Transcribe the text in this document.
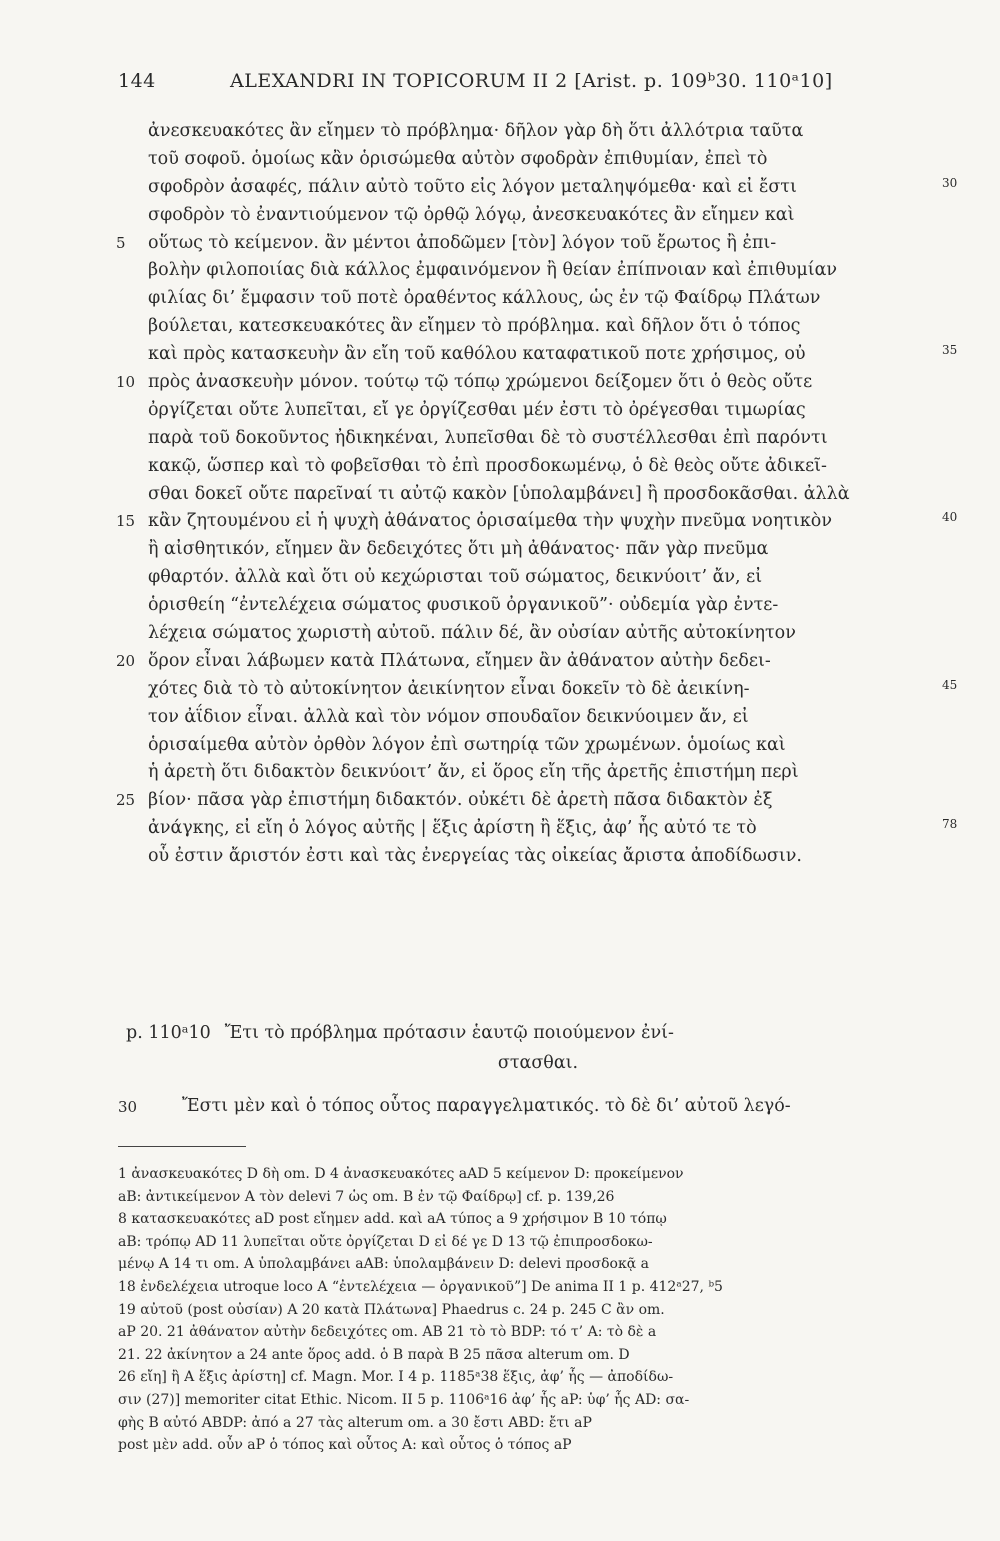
144	ALEXANDRI IN TOPICORUM II 2 [Arist. p. 109ᵇ30. 110ᵃ10]
ἀνεσκευακότες ἂν εἴημεν τὸ πρόβλημα· δῆλον γὰρ δὴ ὅτι ἀλλότρια ταῦτα
τοῦ σοφοῦ. ὁμοίως κἂν ὁρισώμεθα αὐτὸν σφοδρὰν ἐπιθυμίαν, ἐπεὶ τὸ
σφοδρὸν ἀσαφές, πάλιν αὐτὸ τοῦτο εἰς λόγον μεταληψόμεθα· καὶ εἰ ἔστι	30
σφοδρὸν τὸ ἐναντιούμενον τῷ ὀρθῷ λόγῳ, ἀνεσκευακότες ἂν εἴημεν καὶ
5 οὕτως τὸ κείμενον. ἂν μέντοι ἀποδῶμεν [τὸν] λόγον τοῦ ἔρωτος ἢ ἐπι-
βολὴν φιλοποιίας διὰ κάλλος ἐμφαινόμενον ἢ θείαν ἐπίπνοιαν καὶ ἐπιθυμίαν
φιλίας δι’ ἔμφασιν τοῦ ποτὲ ὀραθέντος κάλλους, ὡς ἐν τῷ Φαίδρῳ Πλάτων
βούλεται, κατεσκευακότες ἂν εἴημεν τὸ πρόβλημα. καὶ δῆλον ὅτι ὁ τόπος
καὶ πρὸς κατασκευὴν ἂν εἴη τοῦ καθόλου καταφατικοῦ ποτε χρήσιμος, οὐ	35
10 πρὸς ἀνασκευὴν μόνον. τούτῳ τῷ τόπῳ χρώμενοι δείξομεν ὅτι ὁ θεὸς οὔτε
ὀργίζεται οὔτε λυπεῖται, εἴ γε ὀργίζεσθαι μέν ἐστι τὸ ὀρέγεσθαι τιμωρίας
παρὰ τοῦ δοκοῦντος ἠδικηκέναι, λυπεῖσθαι δὲ τὸ συστέλλεσθαι ἐπὶ παρόντι
κακῷ, ὥσπερ καὶ τὸ φοβεῖσθαι τὸ ἐπὶ προσδοκωμένῳ, ὁ δὲ θεὸς οὔτε ἀδικεῖ-
σθαι δοκεῖ οὔτε παρεῖναί τι αὐτῷ κακὸν [ὑπολαμβάνει] ἢ προσδοκᾶσθαι. ἀλλὰ
15 κἂν ζητουμένου εἰ ἡ ψυχὴ ἀθάνατος ὁρισαίμεθα τὴν ψυχὴν πνεῦμα νοητικὸν	40
ἢ αἰσθητικόν, εἴημεν ἂν δεδειχότες ὅτι μὴ ἀθάνατος· πᾶν γὰρ πνεῦμα
φθαρτόν. ἀλλὰ καὶ ὅτι οὐ κεχώρισται τοῦ σώματος, δεικνύοιτ’ ἄν, εἰ
ὁρισθείη “ἐντελέχεια σώματος φυσικοῦ ὀργανικοῦ”· οὐδεμία γὰρ ἐντε-
λέχεια σώματος χωριστὴ αὐτοῦ. πάλιν δέ, ἂν οὐσίαν αὐτῆς αὐτοκίνητον
20 ὅρον εἶναι λάβωμεν κατὰ Πλάτωνα, εἴημεν ἂν ἀθάνατον αὐτὴν δεδει-
χότες διὰ τὸ τὸ αὐτοκίνητον ἀεικίνητον εἶναι δοκεῖν τὸ δὲ ἀεικίνη-	45
τον ἀΐδιον εἶναι. ἀλλὰ καὶ τὸν νόμον σπουδαῖον δεικνύοιμεν ἄν, εἰ
ὁρισαίμεθα αὐτὸν ὀρθὸν λόγον ἐπὶ σωτηρίᾳ τῶν χρωμένων. ὁμοίως καὶ
ἡ ἀρετὴ ὅτι διδακτὸν δεικνύοιτ’ ἄν, εἰ ὅρος εἴη τῆς ἀρετῆς ἐπιστήμη περὶ
25 βίον· πᾶσα γὰρ ἐπιστήμη διδακτόν. οὐκέτι δὲ ἀρετὴ πᾶσα διδακτὸν ἐξ
ἀνάγκης, εἰ εἴη ὁ λόγος αὐτῆς | ἕξις ἀρίστη ἢ ἕξις, ἀφ’ ἧς αὐτό τε τὸ	78
οὗ ἐστιν ἄριστόν ἐστι καὶ τὰς ἐνεργείας τὰς οἰκείας ἄριστα ἀποδίδωσιν.
p. 110ᵃ10 Ἔτι τὸ πρόβλημα πρότασιν ἑαυτῷ ποιούμενον ἐνί-
στασθαι.
30	Ἔστι μὲν καὶ ὁ τόπος οὗτος παραγγελματικός. τὸ δὲ δι’ αὐτοῦ λεγό-
1 ἀνασκευακότες D δὴ om. D 4 ἀνασκευακότες aAD 5 κείμενον D: προκείμενον
aB: ἀντικείμενον A τὸν delevi 7 ὡς om. B ἐν τῷ Φαίδρῳ] cf. p. 139,26
8 κατασκευακότες aD post εἴημεν add. καὶ aA τύπος a 9 χρήσιμον B 10 τόπῳ
aB: τρόπῳ AD 11 λυπεῖται οὔτε ὀργίζεται D εἰ δέ γε D 13 τῷ ἐπιπροσδοκω-
μένῳ A 14 τι om. A ὑπολαμβάνει aAB: ὑπολαμβάνειν D: delevi προσδοκᾷ a
18 ἐνδελέχεια utroque loco A “ἐντελέχεια — ὀργανικοῦ”] De anima II 1 p. 412ᵃ27, ᵇ5
19 αὐτοῦ (post οὐσίαν) A 20 κατὰ Πλάτωνα] Phaedrus c. 24 p. 245 C ἂν om.
aP 20. 21 ἀθάνατον αὐτὴν δεδειχότες om. AB 21 τὸ τὸ BDP: τό τ’ A: τὸ δὲ a
21. 22 ἀκίνητον a 24 ante ὅρος add. ὁ B παρὰ B 25 πᾶσα alterum om. D
26 εἴη] ἢ A ἕξις ἀρίστη] cf. Magn. Mor. I 4 p. 1185ᵃ38 ἕξις, ἀφ’ ἧς — ἀποδίδω-
σιν (27)] memoriter citat Ethic. Nicom. II 5 p. 1106ᵃ16 ἀφ’ ἧς aP: ὑφ’ ἧς AD: σα-
φὴς B αὐτό ABDP: ἀπό a 27 τὰς alterum om. a 30 ἔστι ABD: ἔτι aP
post μὲν add. οὖν aP ὁ τόπος καὶ οὗτος A: καὶ οὗτος ὁ τόπος aP
